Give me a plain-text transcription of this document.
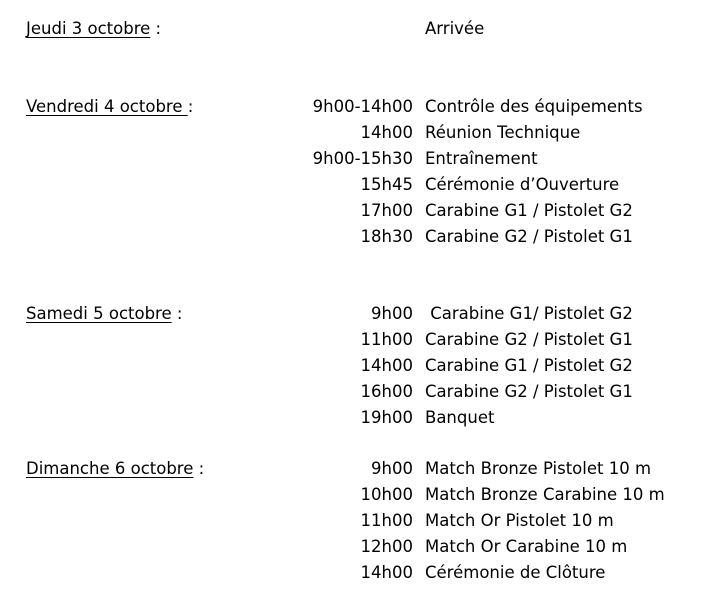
Jeudi 3 octobre :	Arrivée
Vendredi 4 octobre :	9h00-14h00 Contrôle des équipements
14h00 Réunion Technique
9h00-15h30 Entraînement
15h45 Cérémonie d’Ouverture
17h00 Carabine G1 / Pistolet G2
18h30 Carabine G2 / Pistolet G1
Samedi 5 octobre :	9h00 Carabine G1/ Pistolet G2
11h00 Carabine G2 / Pistolet G1
14h00 Carabine G1 / Pistolet G2
16h00 Carabine G2 / Pistolet G1
19h00 Banquet
Dimanche 6 octobre :	9h00 Match Bronze Pistolet 10 m
10h00 Match Bronze Carabine 10 m
11h00 Match Or Pistolet 10 m
12h00 Match Or Carabine 10 m
14h00 Cérémonie de Clôture
